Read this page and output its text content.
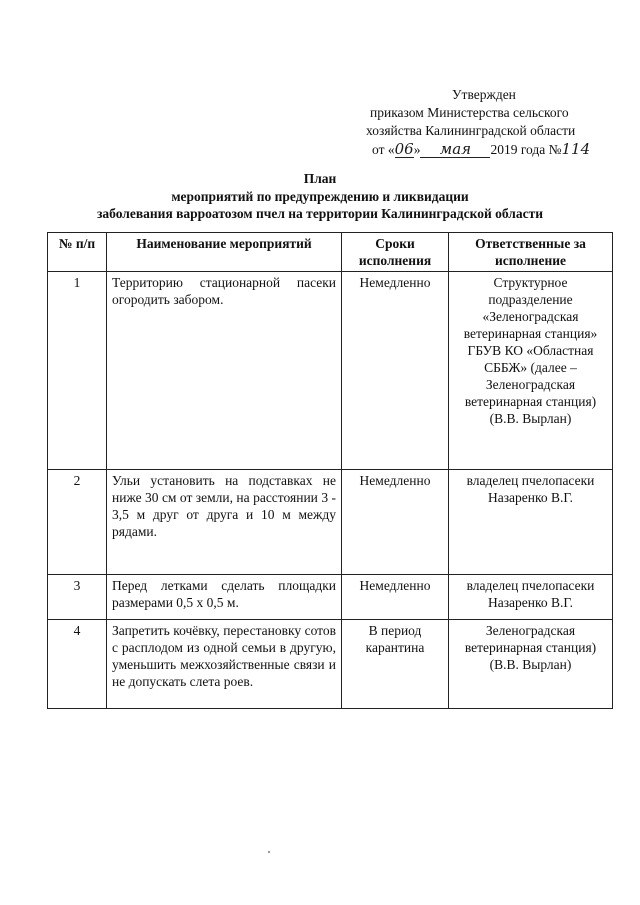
Утвержден
приказом Министерства сельского
хозяйства Калининградской области
от «06» мая 2019 года №114
План
мероприятий по предупреждению и ликвидации
заболевания варроатозом пчел на территории Калининградской области
№ п/п	Наименование мероприятий	Сроки исполнения	Ответственные за исполнение
1	Территорию стационарной пасеки огородить забором.	Немедленно	Структурное подразделение «Зеленоградская ветеринарная станция» ГБУВ КО «Областная СББЖ» (далее – Зеленоградская ветеринарная станция) (В.В. Вырлан)
2	Ульи установить на подставках не ниже 30 см от земли, на расстоянии 3 - 3,5 м друг от друга и 10 м между рядами.	Немедленно	владелец пчелопасеки Назаренко В.Г.
3	Перед летками сделать площадки размерами 0,5 х 0,5 м.	Немедленно	владелец пчелопасеки Назаренко В.Г.
4	Запретить кочёвку, перестановку сотов с расплодом из одной семьи в другую, уменьшить межхозяйственные связи и не допускать слета роев.	В период карантина	Зеленоградская ветеринарная станция) (В.В. Вырлан)
